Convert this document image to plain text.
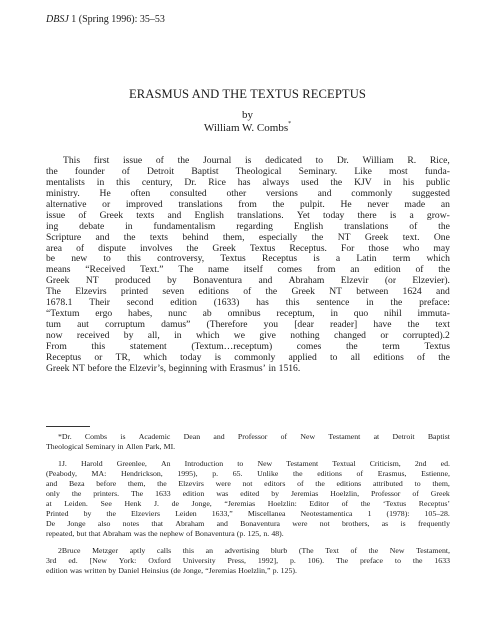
DBSJ 1 (Spring 1996): 35–53
ERASMUS AND THE TEXTUS RECEPTUS
by
William W. Combs*
This first issue of the Journal is dedicated to Dr. William R. Rice,
the founder of Detroit Baptist Theological Seminary. Like most funda-
mentalists in this century, Dr. Rice has always used the KJV in his public
ministry. He often consulted other versions and commonly suggested
alternative or improved translations from the pulpit. He never made an
issue of Greek texts and English translations. Yet today there is a grow-
ing debate in fundamentalism regarding English translations of the
Scripture and the texts behind them, especially the NT Greek text. One
area of dispute involves the Greek Textus Receptus. For those who may
be new to this controversy, Textus Receptus is a Latin term which
means “Received Text.” The name itself comes from an edition of the
Greek NT produced by Bonaventura and Abraham Elzevir (or Elzevier).
The Elzevirs printed seven editions of the Greek NT between 1624 and
1678.1 Their second edition (1633) has this sentence in the preface:
“Textum ergo habes, nunc ab omnibus receptum, in quo nihil immuta-
tum aut corruptum damus” (Therefore you [dear reader] have the text
now received by all, in which we give nothing changed or corrupted).2
From	this	statement	(Textum…receptum)	comes	the	term	Textus
Receptus or TR, which today is commonly applied to all editions of the
Greek NT before the Elzevir’s, beginning with Erasmus’ in 1516.
*Dr. Combs is Academic Dean and Professor of New Testament at Detroit Baptist
Theological Seminary in Allen Park, MI.
1J. Harold Greenlee, An Introduction to New Testament Textual Criticism, 2nd ed.
(Peabody, MA: Hendrickson, 1995), p. 65. Unlike the editions of Erasmus, Estienne,
and Beza before them, the Elzevirs were not editors of the editions attributed to them,
only the printers. The 1633 edition was edited by Jeremias Hoelzlin, Professor of Greek
at Leiden. See Henk J. de Jonge, “Jeremias Hoelzlin: Editor of the ‘Textus Receptus’
Printed by the Elzeviers Leiden 1633,” Miscellanea Neotestamentica 1 (1978): 105–28.
De Jonge also notes that Abraham and Bonaventura were not brothers, as is frequently
repeated, but that Abraham was the nephew of Bonaventura (p. 125, n. 48).
2Bruce Metzger aptly calls this an advertising blurb (The Text of the New Testament,
3rd ed. [New York: Oxford University Press, 1992], p. 106). The preface to the 1633
edition was written by Daniel Heinsius (de Jonge, “Jeremias Hoelzlin,” p. 125).
